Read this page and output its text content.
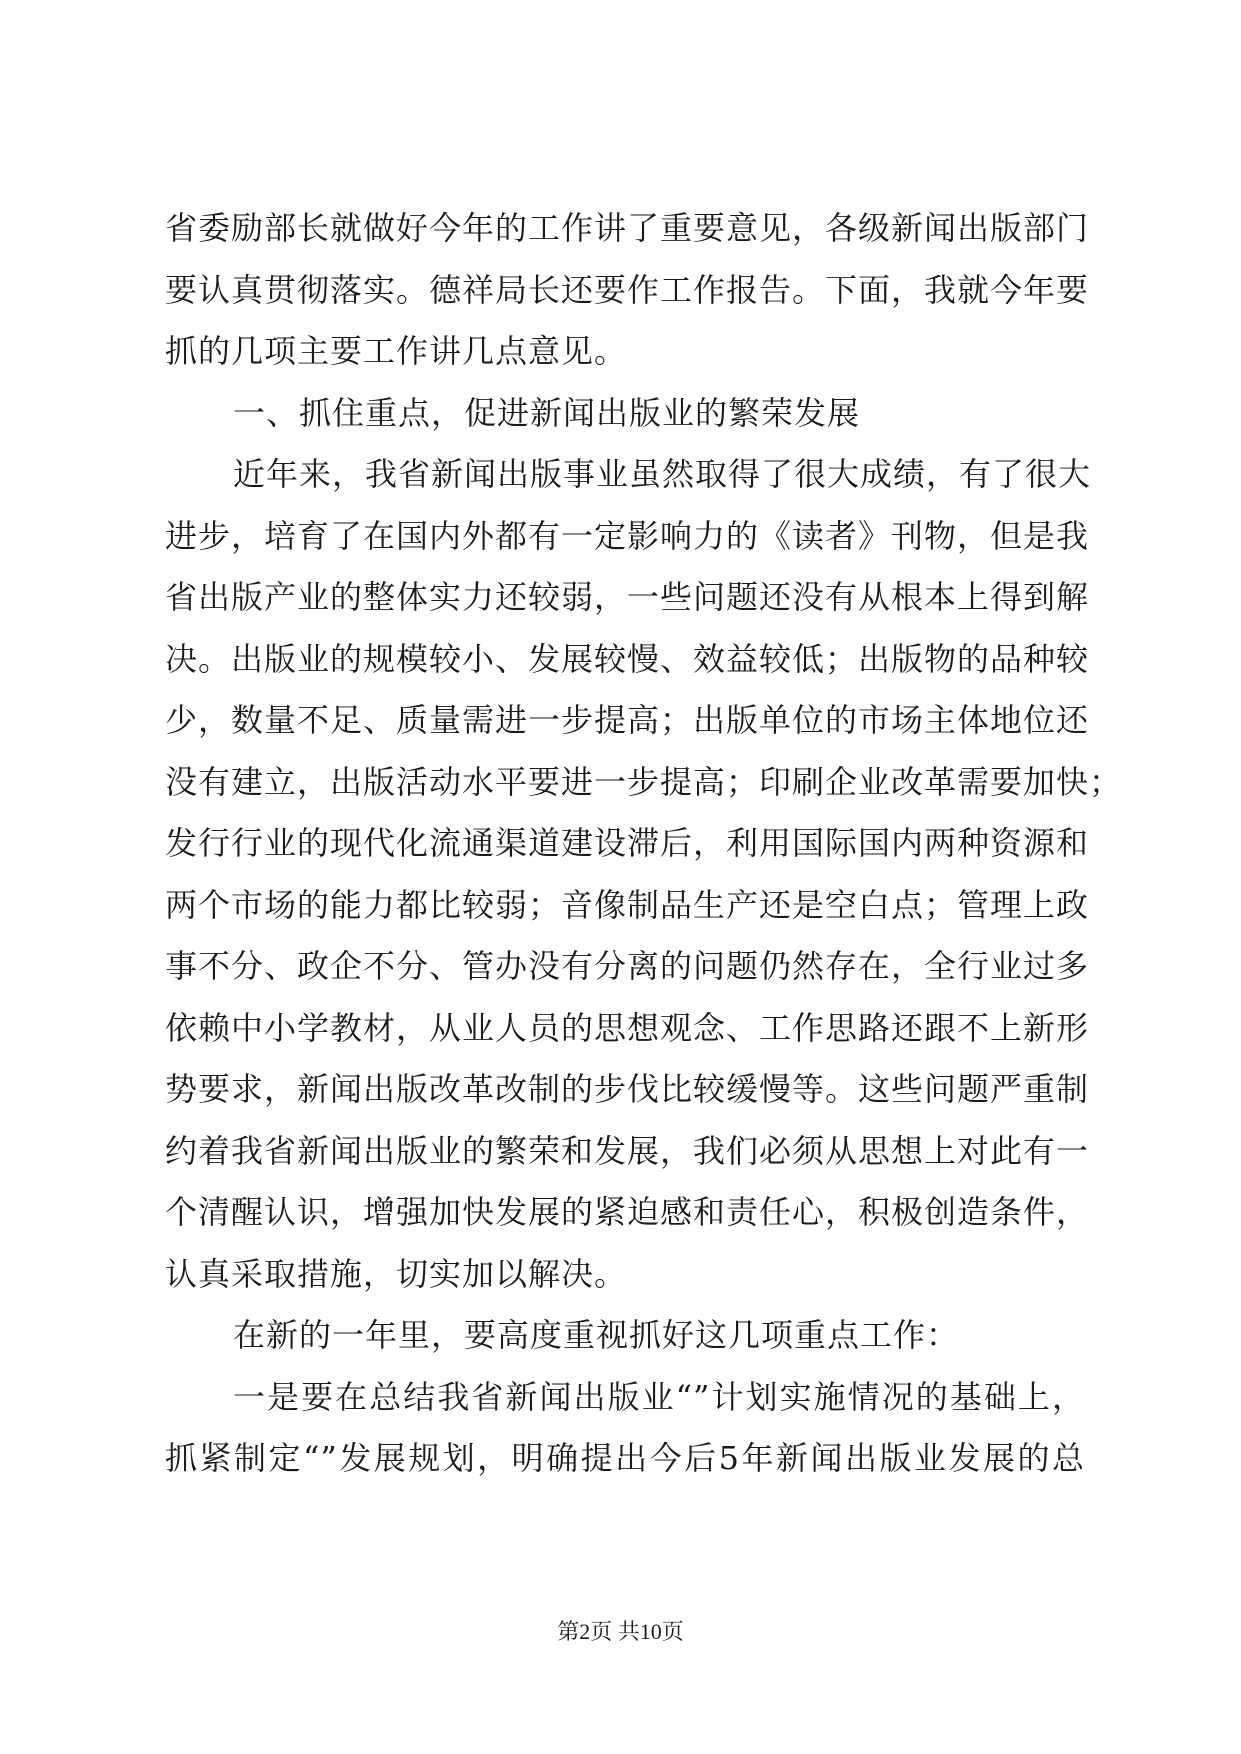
省委励部长就做好今年的工作讲了重要意见，各级新闻出版部门
要认真贯彻落实。德祥局长还要作工作报告。下面，我就今年要
抓的几项主要工作讲几点意见。
一、抓住重点，促进新闻出版业的繁荣发展
近年来，我省新闻出版事业虽然取得了很大成绩，有了很大
进步，培育了在国内外都有一定影响力的《读者》刊物，但是我
省出版产业的整体实力还较弱，一些问题还没有从根本上得到解
决。出版业的规模较小、发展较慢、效益较低；出版物的品种较
少，数量不足、质量需进一步提高；出版单位的市场主体地位还
没有建立，出版活动水平要进一步提高；印刷企业改革需要加快；
发行行业的现代化流通渠道建设滞后，利用国际国内两种资源和
两个市场的能力都比较弱；音像制品生产还是空白点；管理上政
事不分、政企不分、管办没有分离的问题仍然存在，全行业过多
依赖中小学教材，从业人员的思想观念、工作思路还跟不上新形
势要求，新闻出版改革改制的步伐比较缓慢等。这些问题严重制
约着我省新闻出版业的繁荣和发展，我们必须从思想上对此有一
个清醒认识，增强加快发展的紧迫感和责任心，积极创造条件，
认真采取措施，切实加以解决。
在新的一年里，要高度重视抓好这几项重点工作：
一是要在总结我省新闻出版业“”计划实施情况的基础上，
抓紧制定“”发展规划，明确提出今后5年新闻出版业发展的总
第2页 共10页
